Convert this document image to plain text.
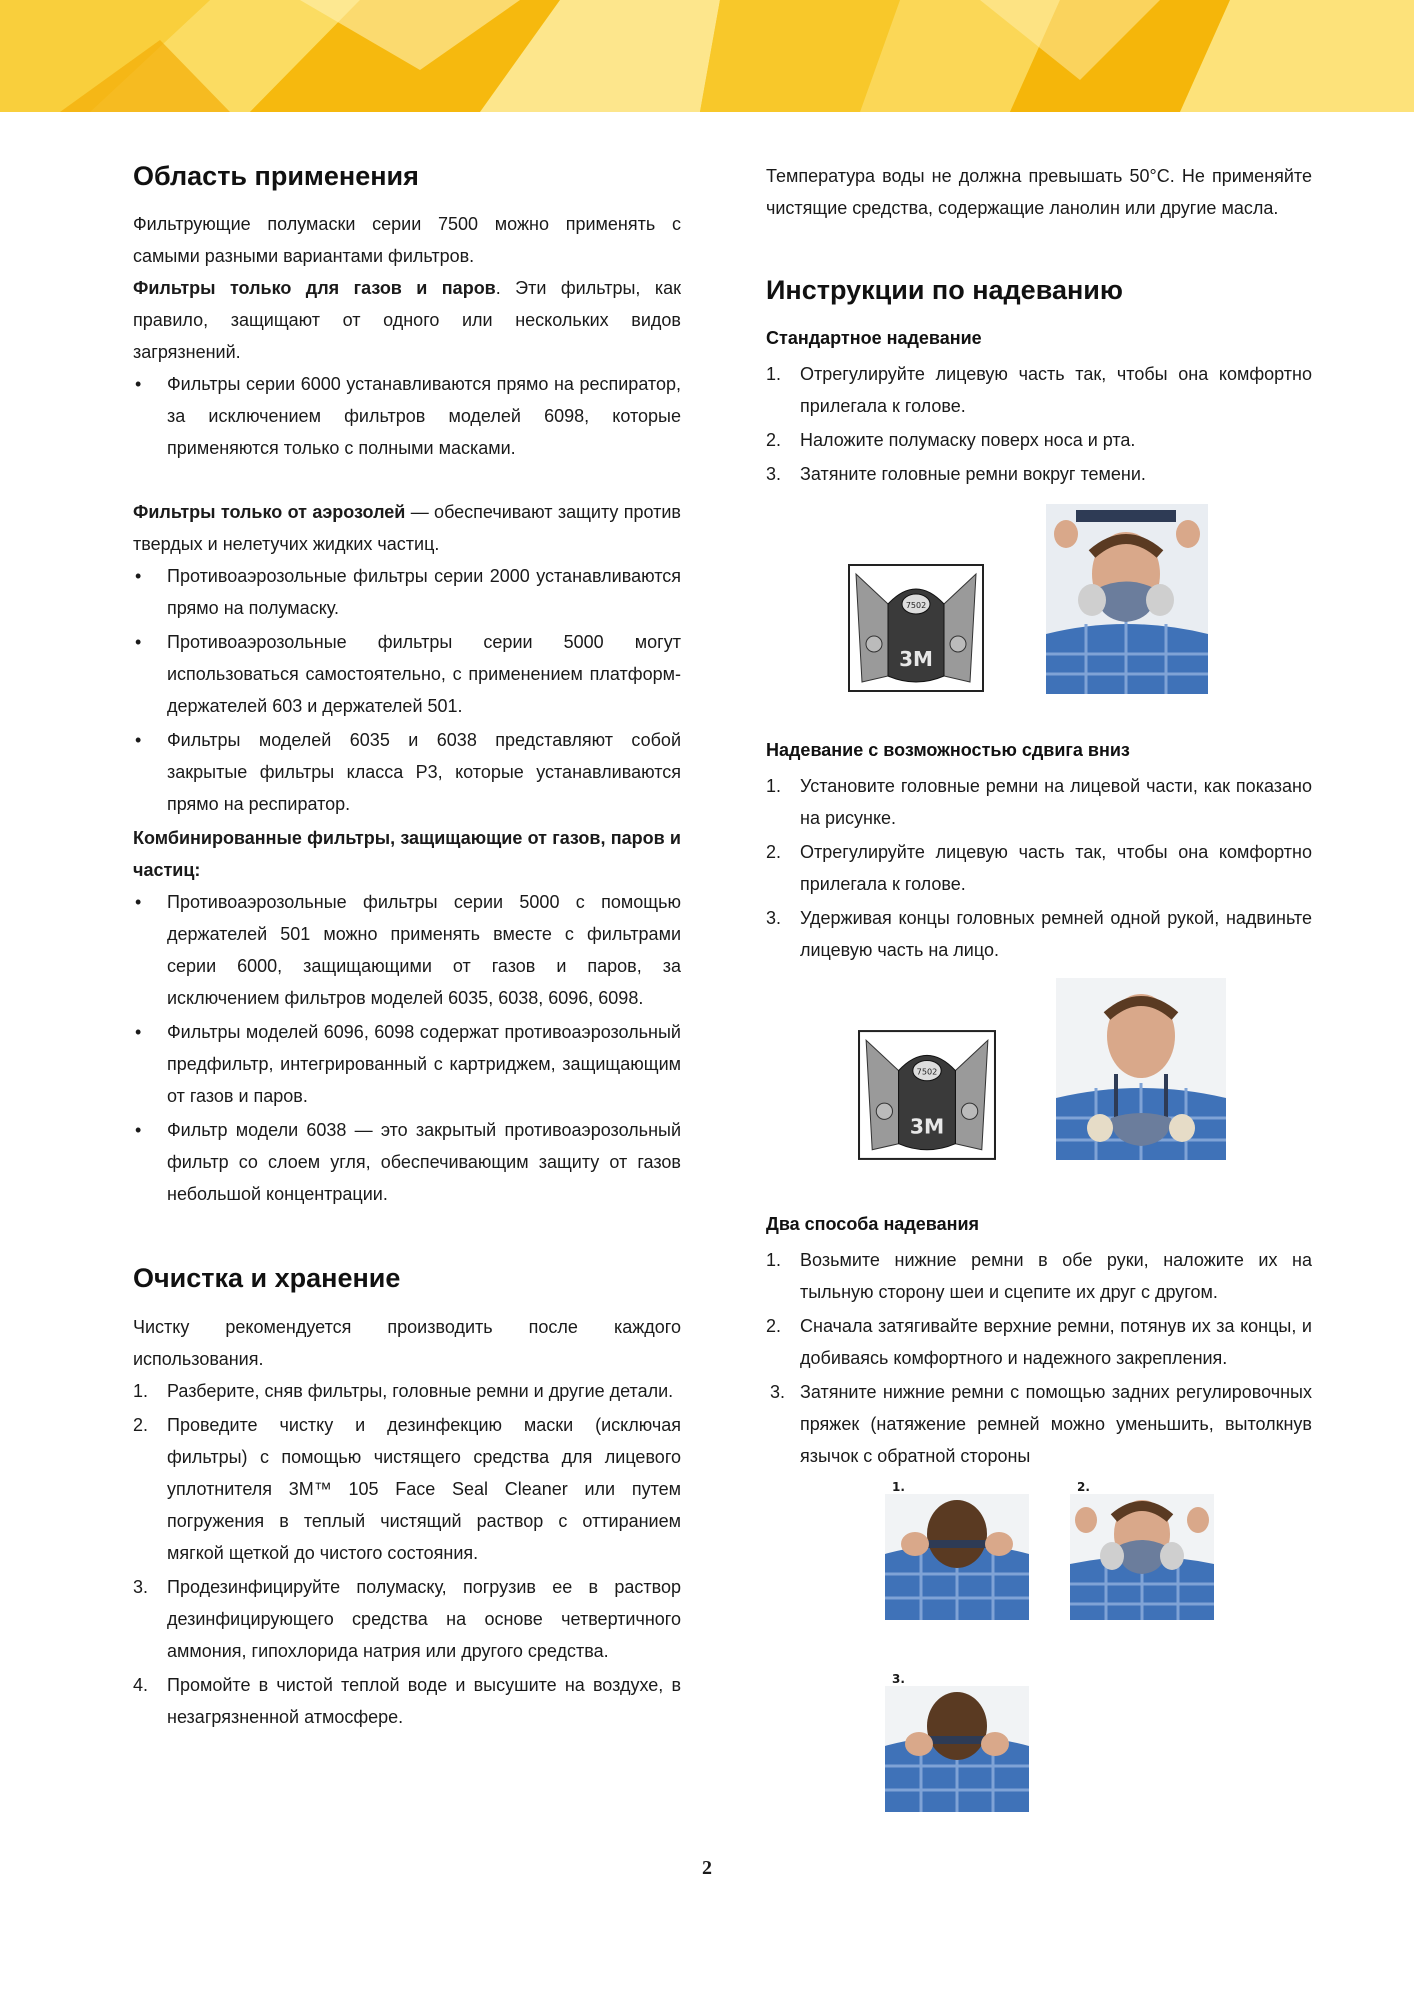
Область применения

Фильтрующие полумаски серии 7500 можно применять с самыми разными вариантами фильтров.

Фильтры только для газов и паров. Эти фильтры, как правило, защищают от одного или нескольких видов загрязнений.

• Фильтры серии 6000 устанавливаются прямо на респиратор, за исключением фильтров моделей 6098, которые применяются только с полными масками.

Фильтры только от аэрозолей — обеспечивают защиту против твердых и нелетучих жидких частиц.

• Противоаэрозольные фильтры серии 2000 устанавливаются прямо на полумаску.
• Противоаэрозольные фильтры серии 5000 могут использоваться самостоятельно, с применением платформ-держателей 603 и держателей 501.
• Фильтры моделей 6035 и 6038 представляют собой закрытые фильтры класса Р3, которые устанавливаются прямо на респиратор.

Комбинированные фильтры, защищающие от газов, паров и частиц:

• Противоаэрозольные фильтры серии 5000 с помощью держателей 501 можно применять вместе с фильтрами серии 6000, защищающими от газов и паров, за исключением фильтров моделей 6035, 6038, 6096, 6098.
• Фильтры моделей 6096, 6098 содержат противоаэрозольный предфильтр, интегрированный с картриджем, защищающим от газов и паров.
• Фильтр модели 6038 — это закрытый противоаэрозольный фильтр со слоем угля, обеспечивающим защиту от газов небольшой концентрации.
Очистка и хранение

Чистку рекомендуется производить после каждого использования.

1. Разберите, сняв фильтры, головные ремни и другие детали.
2. Проведите чистку и дезинфекцию маски (исключая фильтры) с помощью чистящего средства для лицевого уплотнителя 3М™ 105 Face Seal Cleaner или путем погружения в теплый чистящий раствор с оттиранием мягкой щеткой до чистого состояния.
3. Продезинфицируйте полумаску, погрузив ее в раствор дезинфицирующего средства на основе четвертичного аммония, гипохлорида натрия или другого средства.
4. Промойте в чистой теплой воде и высушите на воздухе, в незагрязненной атмосфере.

Температура воды не должна превышать 50°С. Не применяйте чистящие средства, содержащие ланолин или другие масла.

Инструкции по надеванию
Стандартное надевание
1. Отрегулируйте лицевую часть так, чтобы она комфортно прилегала к голове.
2. Наложите полумаску поверх носа и рта.
3. Затяните головные ремни вокруг темени.
7502
3M
Надевание с возможностью сдвига вниз
1. Установите головные ремни на лицевой части, как показано на рисунке.
2. Отрегулируйте лицевую часть так, чтобы она комфортно прилегала к голове.
3. Удерживая концы головных ремней одной рукой, надвиньте лицевую часть на лицо.
7502
3M
Два способа надевания
1. Возьмите нижние ремни в обе руки, наложите их на тыльную сторону шеи и сцепите их друг с другом.
2. Сначала затягивайте верхние ремни, потянув их за концы, и добиваясь комфортного и надежного закрепления.
3. Затяните нижние ремни с помощью задних регулировочных пряжек (натяжение ремней можно уменьшить, вытолкнув язычок с обратной стороны
1.	2.
3.
2
